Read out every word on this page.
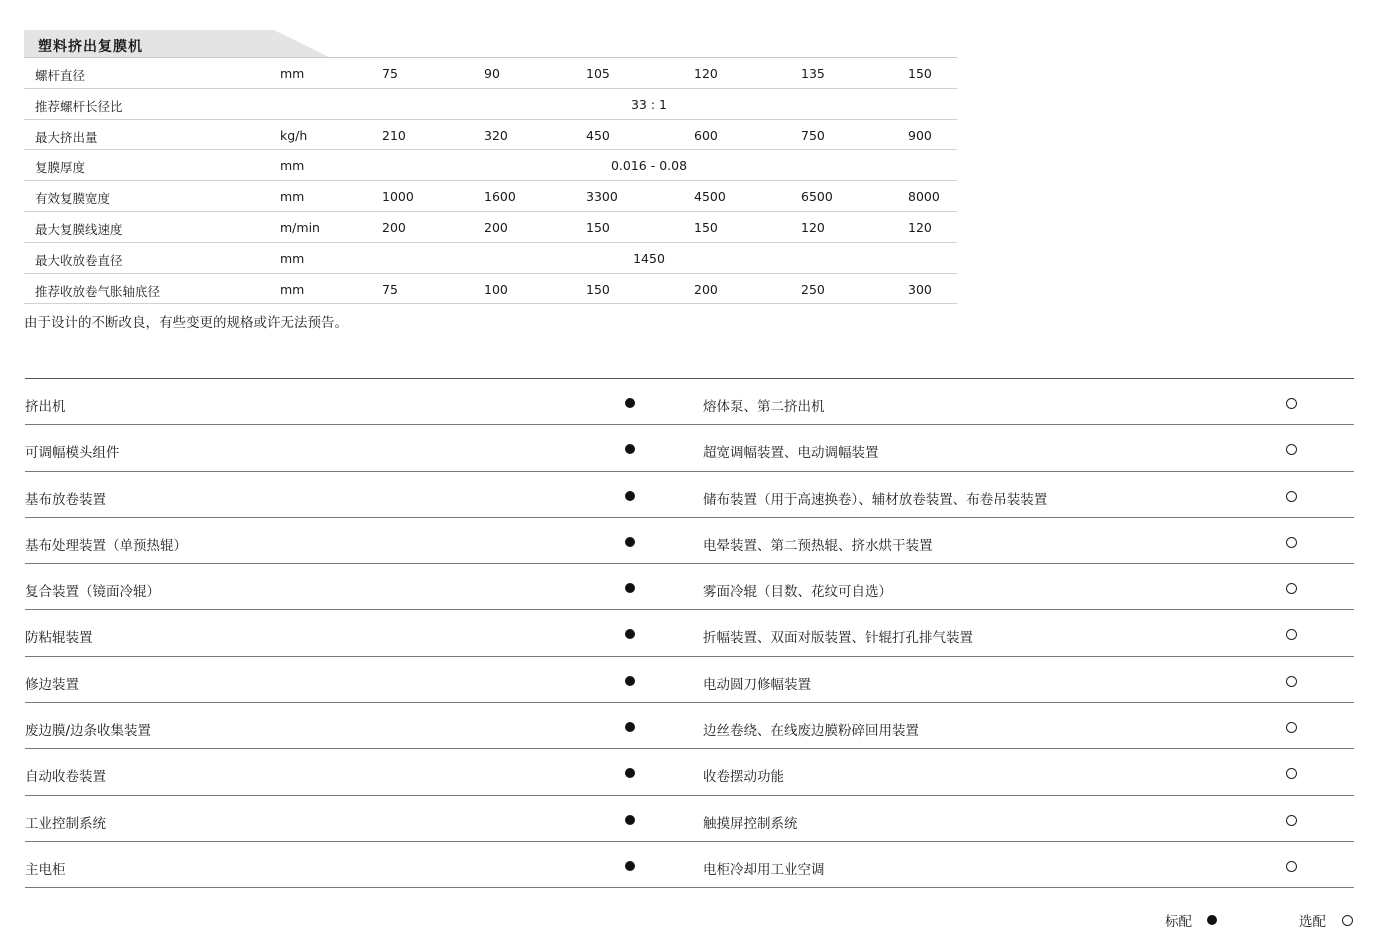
塑料挤出复膜机
螺杆直径	mm	75	90	105	120	135	150
推荐螺杆长径比	33 : 1
最大挤出量	kg/h	210	320	450	600	750	900
复膜厚度	mm	0.016 - 0.08
有效复膜宽度	mm	1000	1600	3300	4500	6500	8000
最大复膜线速度	m/min	200	200	150	150	120	120
最大收放卷直径	mm	1450
推荐收放卷气胀轴底径	mm	75	100	150	200	250	300
由于设计的不断改良，有些变更的规格或许无法预告。
挤出机	熔体泵、第二挤出机
可调幅模头组件	超宽调幅装置、电动调幅装置
基布放卷装置	储布装置（用于高速换卷）、辅材放卷装置、布卷吊装装置
基布处理装置（单预热辊）	电晕装置、第二预热辊、挤水烘干装置
复合装置（镜面冷辊）	雾面冷辊（目数、花纹可自选）
防粘辊装置	折幅装置、双面对版装置、针辊打孔排气装置
修边装置	电动圆刀修幅装置
废边膜/边条收集装置	边丝卷绕、在线废边膜粉碎回用装置
自动收卷装置	收卷摆动功能
工业控制系统	触摸屏控制系统
主电柜	电柜冷却用工业空调
标配	选配
